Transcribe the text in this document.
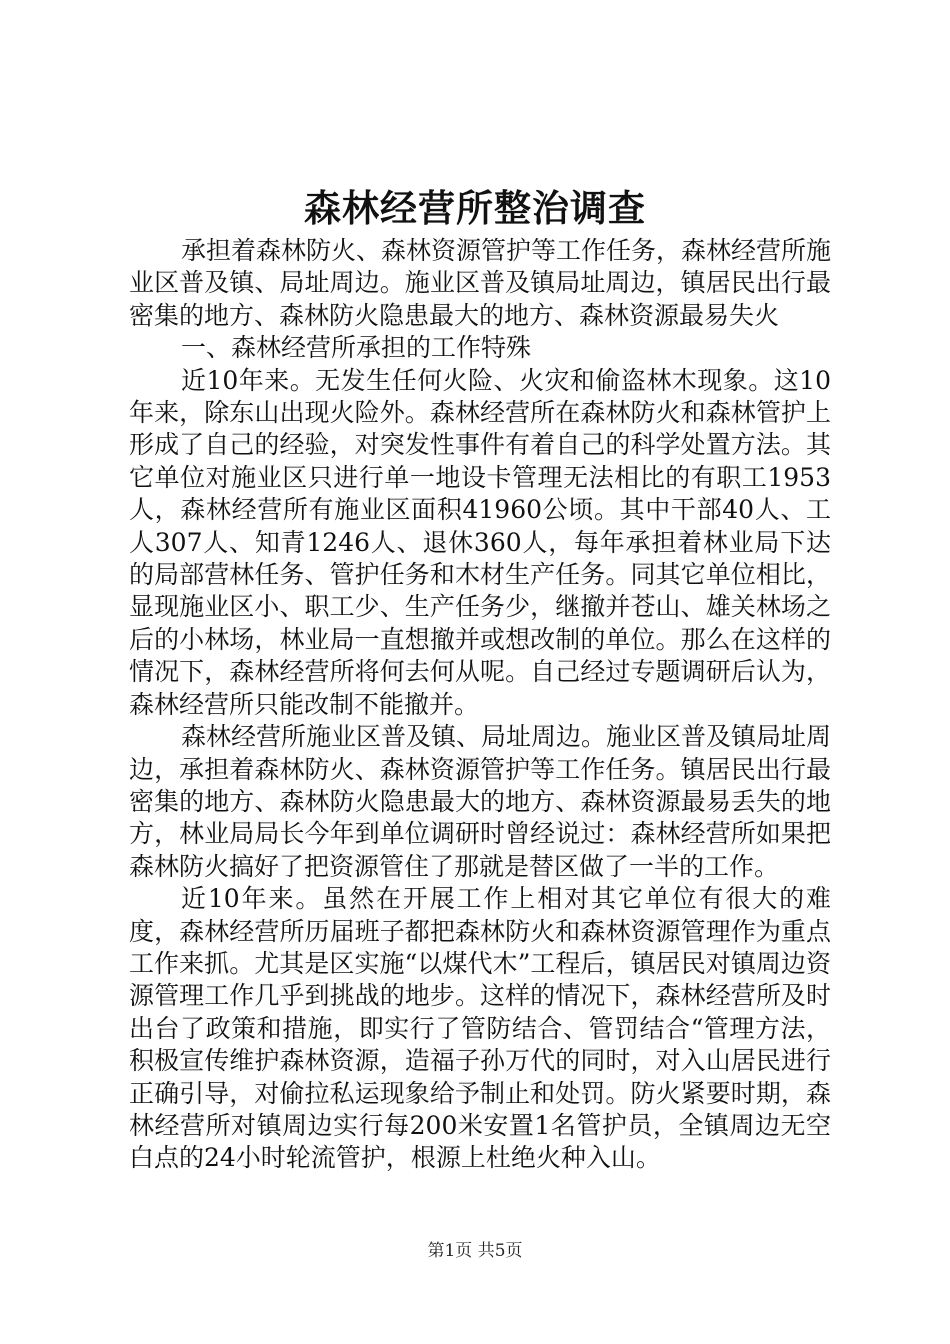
森林经营所整治调查

承担着森林防火、森林资源管护等工作任务，森林经营所施业区普及镇、局址周边。施业区普及镇局址周边，镇居民出行最密集的地方、森林防火隐患最大的地方、森林资源最易失火

一、森林经营所承担的工作特殊

近10年来。无发生任何火险、火灾和偷盗林木现象。这10年来，除东山出现火险外。森林经营所在森林防火和森林管护上形成了自己的经验，对突发性事件有着自己的科学处置方法。其它单位对施业区只进行单一地设卡管理无法相比的有职工1953人，森林经营所有施业区面积41960公顷。其中干部40人、工人307人、知青1246人、退休360人，每年承担着林业局下达的局部营林任务、管护任务和木材生产任务。同其它单位相比，显现施业区小、职工少、生产任务少，继撤并苍山、雄关林场之后的小林场，林业局一直想撤并或想改制的单位。那么在这样的情况下，森林经营所将何去何从呢。自己经过专题调研后认为，森林经营所只能改制不能撤并。

森林经营所施业区普及镇、局址周边。施业区普及镇局址周边，承担着森林防火、森林资源管护等工作任务。镇居民出行最密集的地方、森林防火隐患最大的地方、森林资源最易丢失的地方，林业局局长今年到单位调研时曾经说过：森林经营所如果把森林防火搞好了把资源管住了那就是替区做了一半的工作。

近10年来。虽然在开展工作上相对其它单位有很大的难度，森林经营所历届班子都把森林防火和森林资源管理作为重点工作来抓。尤其是区实施“以煤代木”工程后，镇居民对镇周边资源管理工作几乎到挑战的地步。这样的情况下，森林经营所及时出台了政策和措施，即实行了管防结合、管罚结合“管理方法，积极宣传维护森林资源，造福子孙万代的同时，对入山居民进行正确引导，对偷拉私运现象给予制止和处罚。防火紧要时期，森林经营所对镇周边实行每200米安置1名管护员，全镇周边无空白点的24小时轮流管护，根源上杜绝火种入山。

第1页 共5页
